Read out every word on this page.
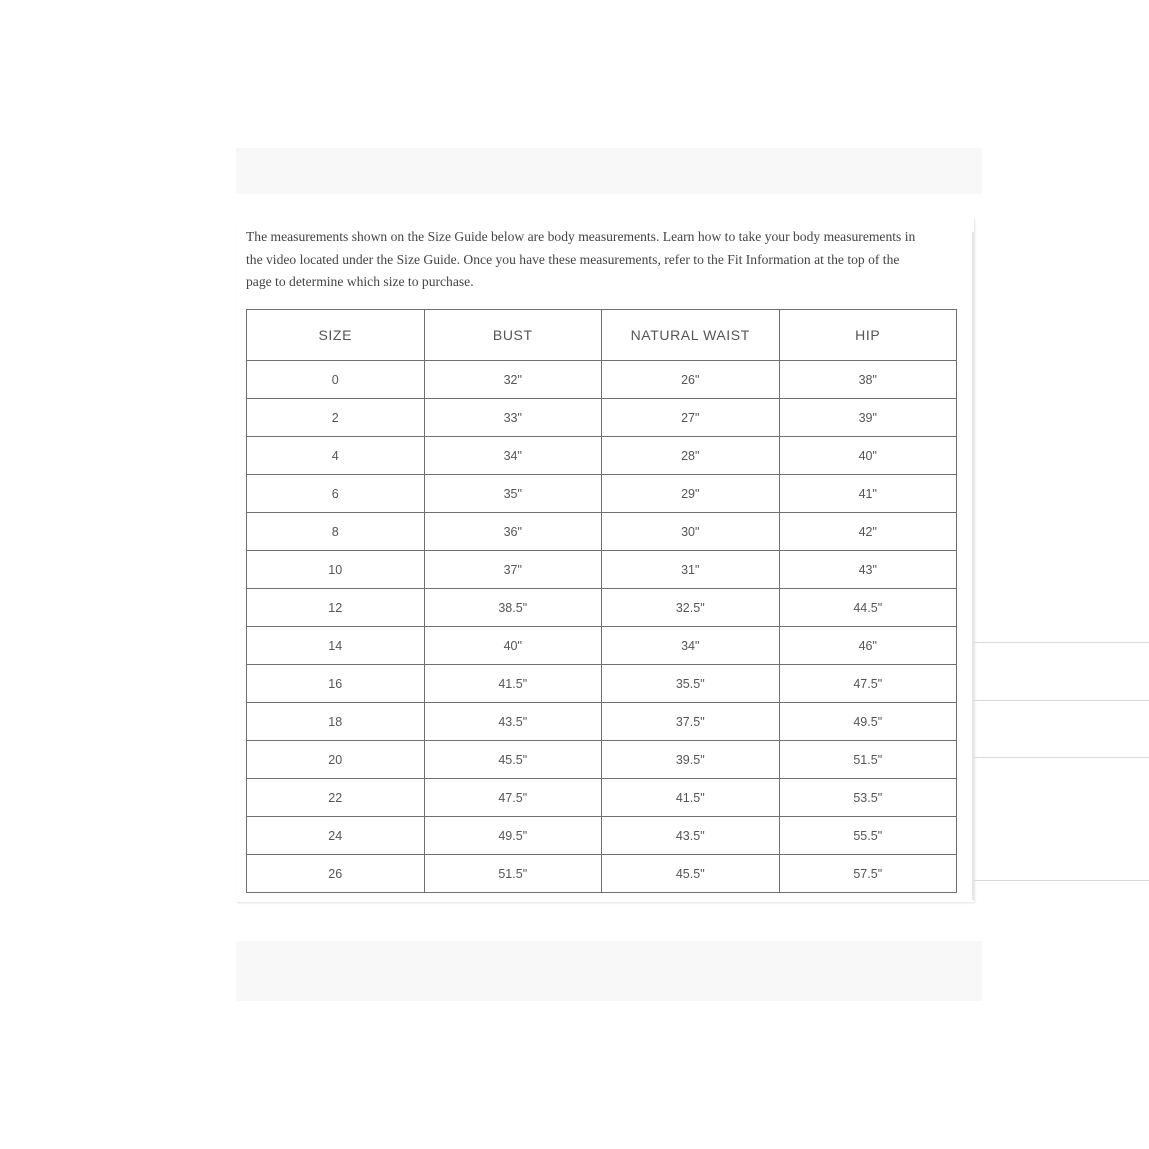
The measurements shown on the Size Guide below are body measurements. Learn how to take your body measurements in the video located under the Size Guide. Once you have these measurements, refer to the Fit Information at the top of the page to determine which size to purchase.

SIZE	BUST	NATURAL WAIST	HIP
0	32"	26"	38"
2	33"	27"	39"
4	34"	28"	40"
6	35"	29"	41"
8	36"	30"	42"
10	37"	31"	43"
12	38.5"	32.5"	44.5"
14	40"	34"	46"
16	41.5"	35.5"	47.5"
18	43.5"	37.5"	49.5"
20	45.5"	39.5"	51.5"
22	47.5"	41.5"	53.5"
24	49.5"	43.5"	55.5"
26	51.5"	45.5"	57.5"
